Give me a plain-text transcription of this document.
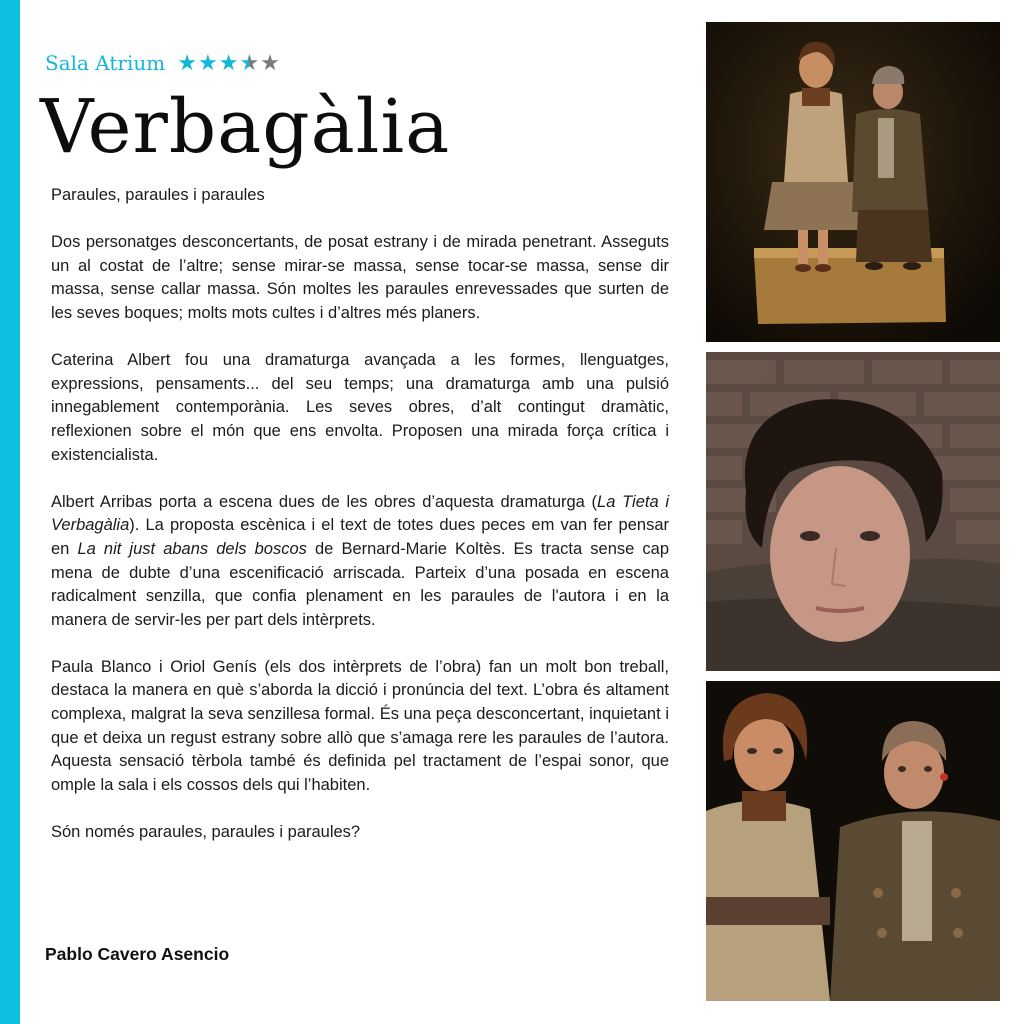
Sala Atrium ★ ★ ★ ★ ★
Verbagàlia

Paraules, paraules i paraules

Dos personatges desconcertants, de posat estrany i de mirada penetrant. Asseguts un al costat de l’altre; sense mirar-se massa, sense tocar-se massa, sense dir massa, sense callar massa. Són moltes les paraules enrevessades que surten de les seves boques; molts mots cultes i d’altres més planers.

Caterina Albert fou una dramaturga avançada a les formes, llenguatges, expressions, pensaments... del seu temps; una dramaturga amb una pulsió innegablement contemporània. Les seves obres, d’alt contingut dramàtic, reflexionen sobre el món que ens envolta. Proposen una mirada força crítica i existencialista.

Albert Arribas porta a escena dues de les obres d’aquesta dramaturga (La Tieta i Verbagàlia). La proposta escènica i el text de totes dues peces em van fer pensar en La nit just abans dels boscos de Bernard-Marie Koltès. Es tracta sense cap mena de dubte d’una escenificació arriscada. Parteix d’una posada en escena radicalment senzilla, que confia plenament en les paraules de l'autora i en la manera de servir-les per part dels intèrprets.

Paula Blanco i Oriol Genís (els dos intèrprets de l’obra) fan un molt bon treball, destaca la manera en què s’aborda la dicció i pronúncia del text. L’obra és altament complexa, malgrat la seva senzillesa formal. És una peça desconcertant, inquietant i que et deixa un regust estrany sobre allò que s’amaga rere les paraules de l’autora. Aquesta sensació tèrbola també és definida pel tractament de l’espai sonor, que omple la sala i els cossos dels qui l’habiten.

Són només paraules, paraules i paraules?

Pablo Cavero Asencio
